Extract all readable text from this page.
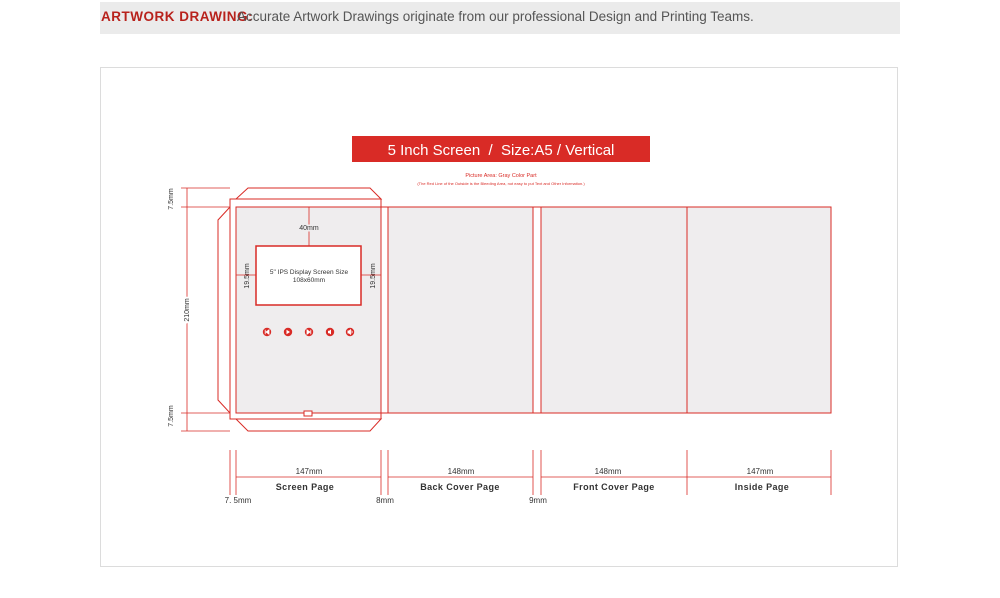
ARTWORK DRAWING:
Accurate Artwork Drawings originate from our professional Design and Printing Teams.
5 Inch Screen  /  Size:A5 / Vertical
Picture Area: Gray Color Part
(The Red Line of the Outside is the Bleeding Area, not easy to put Text and Other Information.)
5" IPS Display Screen Size
108x60mm
40mm
19.5mm	19.5mm
7.5mm
210mm
7.5mm
147mm
Screen Page
148mm
Back Cover Page
148mm
Front Cover Page
147mm
Inside Page
7. 5mm	8mm	9mm
